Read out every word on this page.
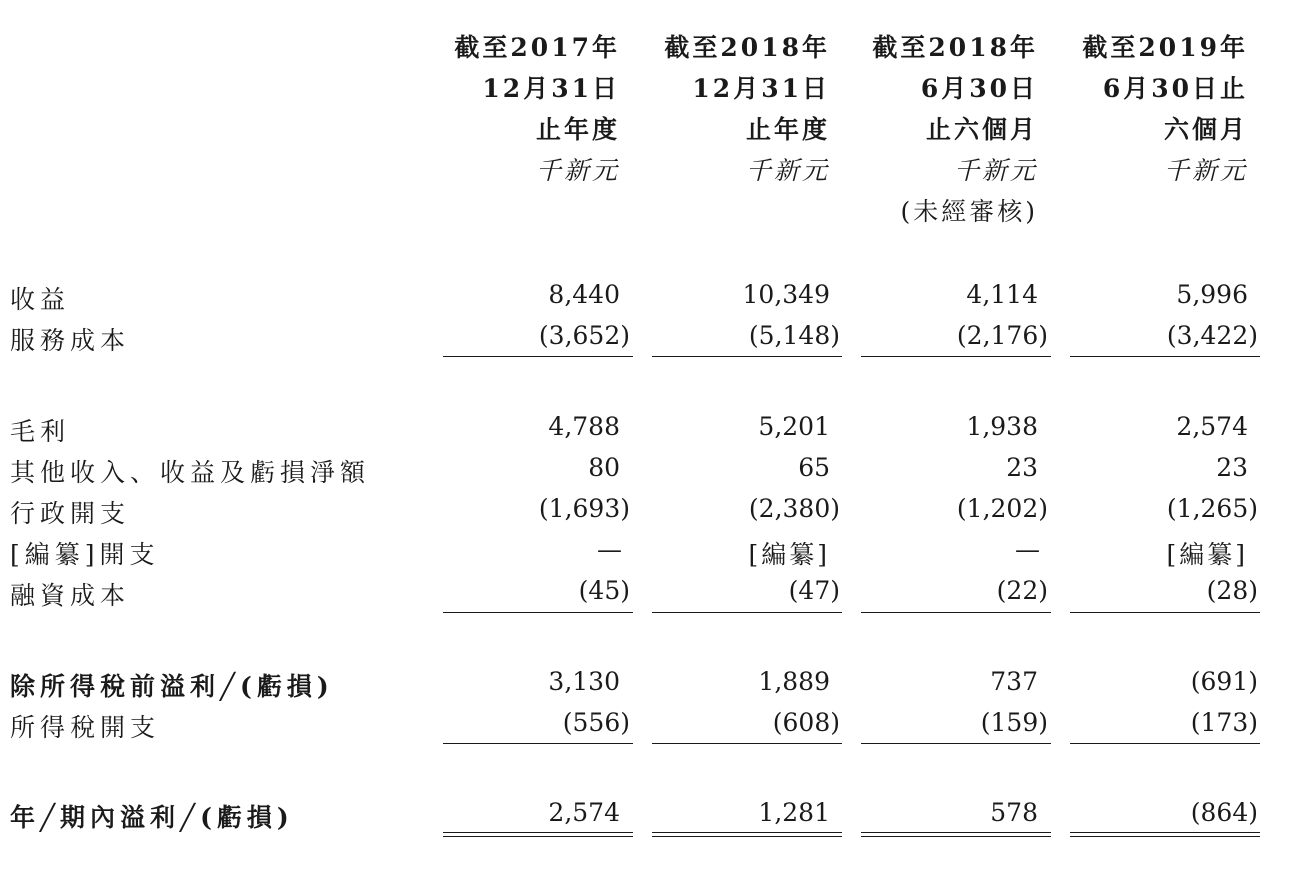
截至2017年
12月31日
止年度
千新元
截至2018年
12月31日
止年度
千新元
截至2018年
6月30日
止六個月
千新元
(未經審核)
截至2019年
6月30日止
六個月
千新元
收益	8,440	10,349	4,114	5,996
服務成本	(3,652)	(5,148)	(2,176)	(3,422)
毛利	4,788	5,201	1,938	2,574
其他收入、收益及虧損淨額	80	65	23	23
行政開支	(1,693)	(2,380)	(1,202)	(1,265)
[編纂]開支	—	[編纂]	—	[編纂]
融資成本	(45)	(47)	(22)	(28)
除所得稅前溢利╱(虧損)	3,130	1,889	737	(691)
所得稅開支	(556)	(608)	(159)	(173)
年╱期內溢利╱(虧損)	2,574	1,281	578	(864)
